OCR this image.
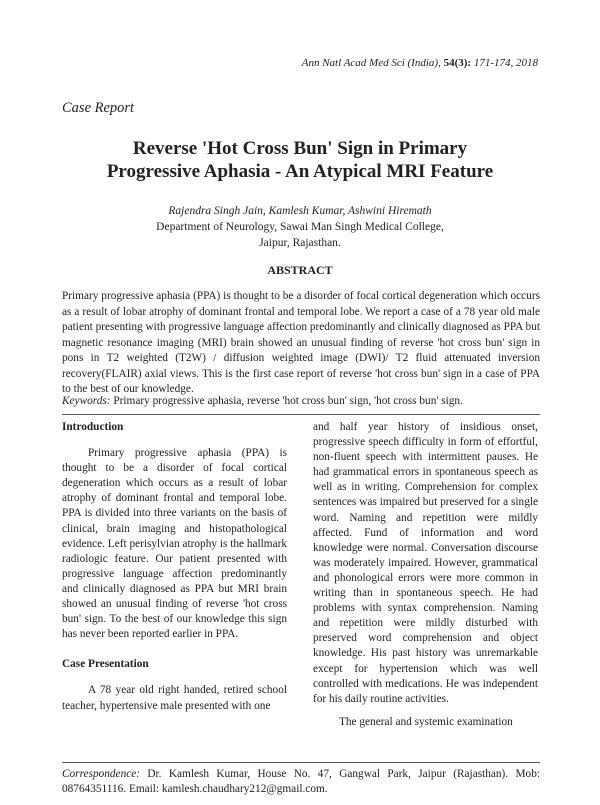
Ann Natl Acad Med Sci (India), 54(3): 171-174, 2018
Case Report
Reverse 'Hot Cross Bun' Sign in Primary
Progressive Aphasia - An Atypical MRI Feature
Rajendra Singh Jain, Kamlesh Kumar, Ashwini Hiremath
Department of Neurology, Sawai Man Singh Medical College,
Jaipur, Rajasthan.
ABSTRACT
Primary progressive aphasia (PPA) is thought to be a disorder of focal cortical degeneration which occurs as a result of lobar atrophy of dominant frontal and temporal lobe. We report a case of a 78 year old male patient presenting with progressive language affection predominantly and clinically diagnosed as PPA but magnetic resonance imaging (MRI) brain showed an unusual finding of reverse 'hot cross bun' sign in pons in T2 weighted (T2W) / diffusion weighted image (DWI)/ T2 fluid attenuated inversion recovery(FLAIR) axial views. This is the first case report of reverse 'hot cross bun' sign in a case of PPA to the best of our knowledge.
Keywords: Primary progressive aphasia, reverse 'hot cross bun' sign, 'hot cross bun' sign.

Introduction

Primary progressive aphasia (PPA) is thought to be a disorder of focal cortical degeneration which occurs as a result of lobar atrophy of dominant frontal and temporal lobe. PPA is divided into three variants on the basis of clinical, brain imaging and histopathological evidence. Left perisylvian atrophy is the hallmark radiologic feature. Our patient presented with progressive language affection predominantly and clinically diagnosed as PPA but MRI brain showed an unusual finding of reverse 'hot cross bun' sign. To the best of our knowledge this sign has never been reported earlier in PPA.

Case Presentation

A 78 year old right handed, retired school teacher, hypertensive male presented with one

and half year history of insidious onset, progressive speech difficulty in form of effortful, non-fluent speech with intermittent pauses. He had grammatical errors in spontaneous speech as well as in writing. Comprehension for complex sentences was impaired but preserved for a single word. Naming and repetition were mildly affected. Fund of information and word knowledge were normal. Conversation discourse was moderately impaired. However, grammatical and phonological errors were more common in writing than in spontaneous speech. He had problems with syntax comprehension. Naming and repetition were mildly disturbed with preserved word comprehension and object knowledge. His past history was unremarkable except for hypertension which was well controlled with medications. He was independent for his daily routine activities.

The general and systemic examination

Correspondence: Dr. Kamlesh Kumar, House No. 47, Gangwal Park, Jaipur (Rajasthan). Mob: 08764351116. Email: kamlesh.chaudhary212@gmail.com.
